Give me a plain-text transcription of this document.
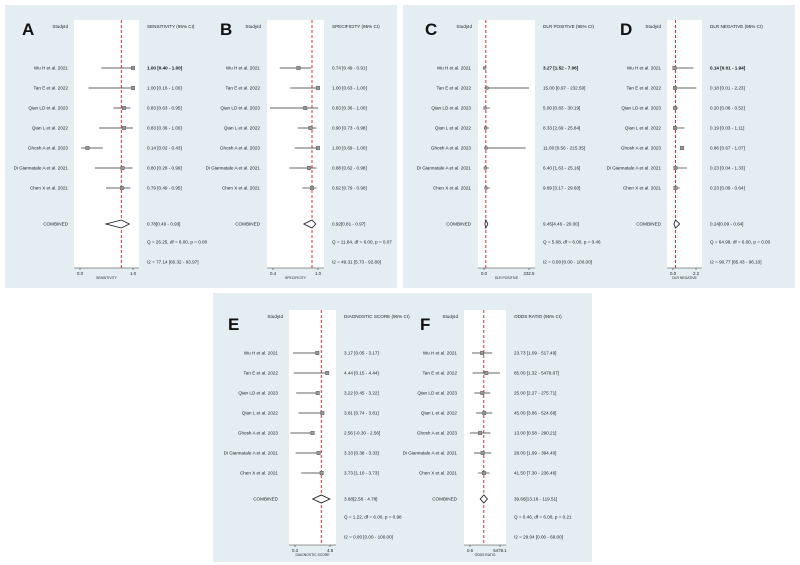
A	StudyId	SENSITIVITY (95% CI)
Wu H et al. 2021	1.00 [0.40 - 1.00]
Tan E et al. 2022	1.00 [0.16 - 1.00]
Qian LD et al. 2023	0.83 [0.63 - 0.95]
Qian L et al. 2022	0.83 [0.36 - 1.00]
Ghosh A et al. 2023	0.14 [0.02 - 0.43]
Di Giannatale A et al. 2021	0.80 [0.28 - 0.99]
Chen X et al. 2021	0.79 [0.49 - 0.95]
COMBINED	0.78[0.49 - 0.93]
Q = 26.25, df = 6.00, p = 0.00
I2 = 77.14 [60.32 - 93.97]
0.0	1.0
SENSITIVITY
B	StudyId	SPECIFICITY (95% CI)
Wu H et al. 2021	0.74 [0.49 - 0.91]
Tan E et al. 2022	1.00 [0.63 - 1.00]
Qian LD et al. 2023	0.83 [0.36 - 1.00]
Qian L et al. 2022	0.90 [0.73 - 0.98]
Ghosh A et al. 2023	1.00 [0.69 - 1.00]
Di Giannatale A et al. 2021	0.88 [0.62 - 0.98]
Chen X et al. 2021	0.92 [0.79 - 0.98]
COMBINED	0.92[0.81 - 0.97]
Q = 11.84, df = 6.00, p = 0.07
I2 = 49.31 [5.73 - 92.89]
0.4	1.0
SPECIFICITY
C	StudyId	DLR POSITIVE (95% CI)
Wu H et al. 2021	3.27 [1.52 - 7.06]
Tan E et al. 2022	15.00 [0.97 - 232.50]
Qian LD et al. 2023	5.00 [0.83 - 30.19]
Qian L et al. 2022	8.33 [2.69 - 25.84]
Ghosh A et al. 2023	11.00 [0.56 - 215.35]
Di Giannatale A et al. 2021	6.40 [1.63 - 25.16]
Chen X et al. 2021	9.69 [3.17 - 29.60]
COMBINED	9.45[4.46 - 20.00]
Q = 5.68, df = 6.00, p = 0.46
I2 = 0.00 [0.00 - 100.00]
0.0	232.5
DLR POSITIVE
D	StudyId	DLR NEGATIVE (95% CI)
Wu H et al. 2021	0.14 [0.01 - 1.94]
Tan E et al. 2022	0.18 [0.01 - 2.23]
Qian LD et al. 2023	0.20 [0.08 - 0.52]
Qian L et al. 2022	0.19 [0.03 - 1.11]
Ghosh A et al. 2023	0.86 [0.67 - 1.07]
Di Giannatale A et al. 2021	0.23 [0.04 - 1.33]
Chen X et al. 2021	0.23 [0.09 - 0.64]
COMBINED	0.24[0.09 - 0.64]
Q = 64.98, df = 6.00, p = 0.00
I2 = 90.77 [85.43 - 96.10]
0.0	2.2
DLR NEGATIVE
E	StudyId	DIAGNOSTIC SCORE (95% CI)
Wu H et al. 2021	3.17 [0.05 - 3.17]
Tan E et al. 2022	4.44 [0.15 - 4.44]
Qian LD et al. 2023	3.22 [0.45 - 3.22]
Qian L et al. 2022	3.81 [0.74 - 3.81]
Ghosh A et al. 2023	2.56 [-0.30 - 2.56]
Di Giannatale A et al. 2021	3.33 [0.38 - 3.33]
Chen X et al. 2021	3.73 [1.10 - 3.73]
COMBINED	3.68[2.58 - 4.78]
Q = 1.22, df = 6.00, p = 0.98
I2 = 0.00 [0.00 - 100.00]
0.3	4.8
DIAGNOSTIC SCORE
F	StudyId	ODDS RATIO (95% CI)
Wu H et al. 2021	23.73 [1.09 - 517.49]
Tan E et al. 2022	85.00 [1.32 - 5478.07]
Qian LD et al. 2023	25.00 [2.27 - 275.71]
Qian L et al. 2022	45.00 [3.86 - 524.68]
Ghosh A et al. 2023	13.00 [0.58 - 290.21]
Di Giannatale A et al. 2021	28.00 [1.99 - 394.40]
Chen X et al. 2021	41.50 [7.30 - 236.46]
COMBINED	39.66[13.16 - 119.51]
Q = 0.46, df = 6.00, p = 0.21
I2 = 29.04 [0.00 - 69.00]
0.6	5478.1
ODDS RATIO
